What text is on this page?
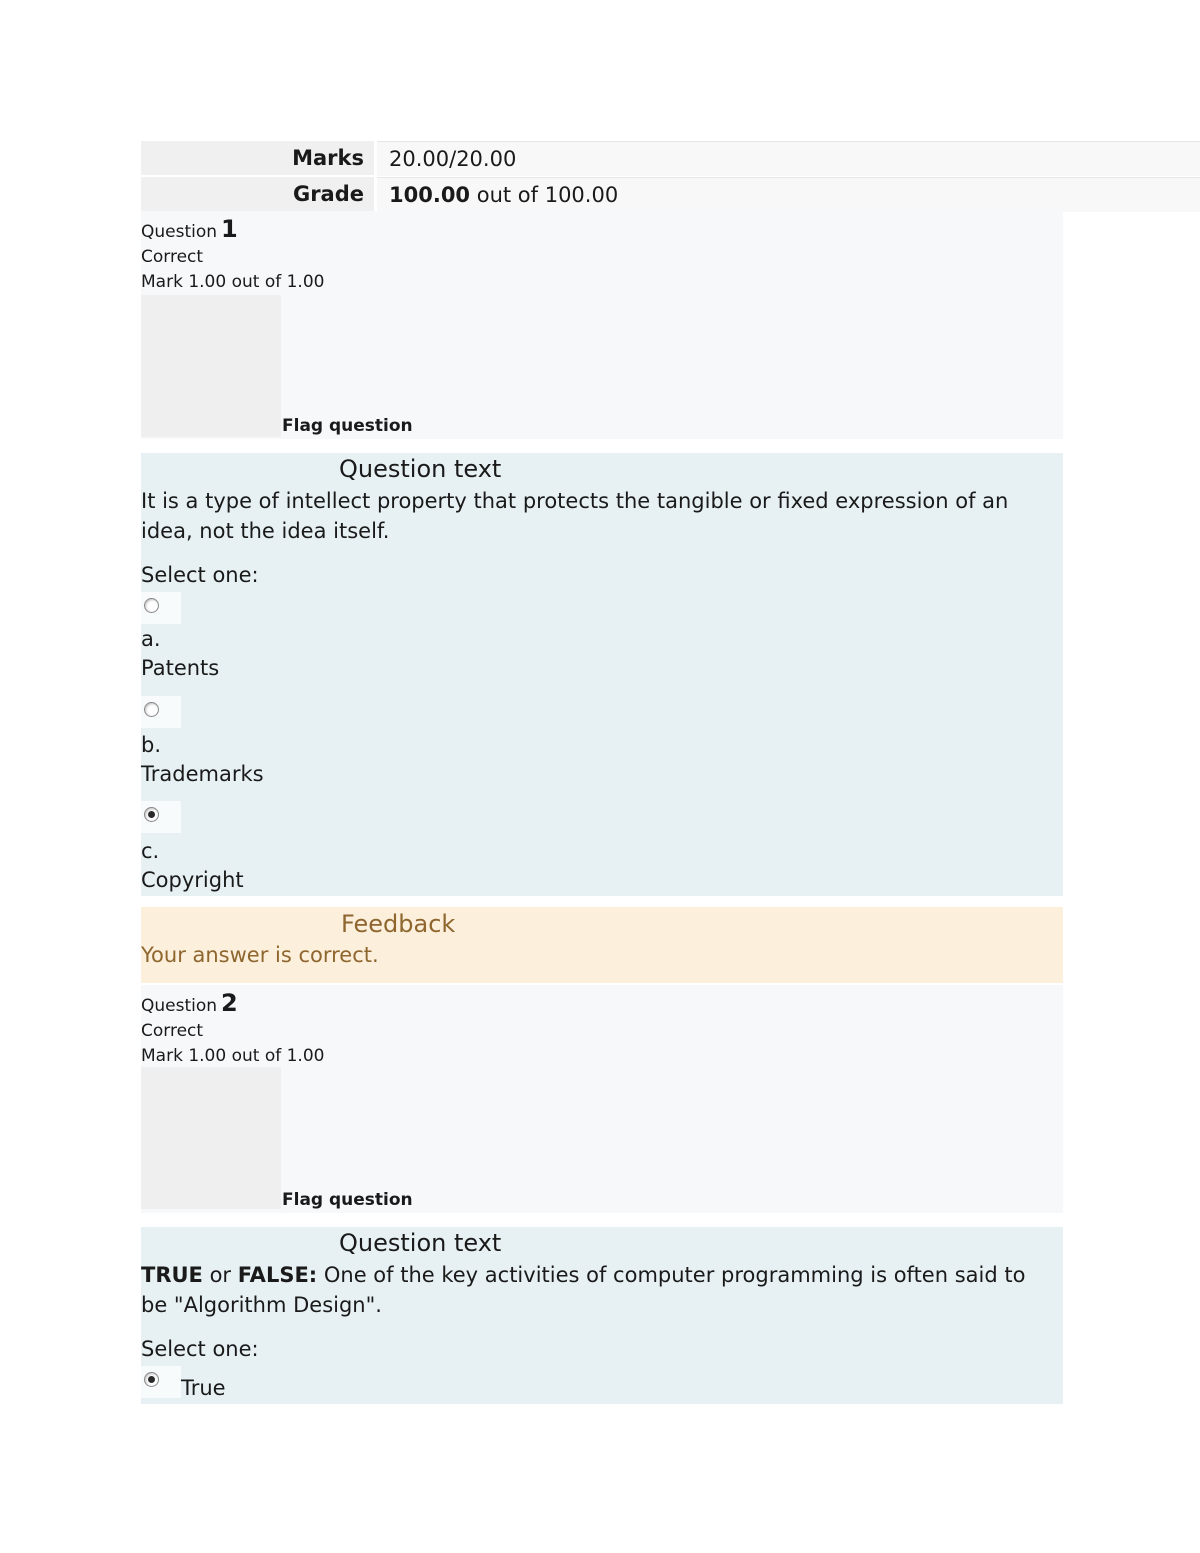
Marks	20.00/20.00
Grade	100.00 out of 100.00
Question 1
Correct
Mark 1.00 out of 1.00
Flag question
Question text
It is a type of intellect property that protects the tangible or fixed expression of an idea, not the idea itself.
Select one:
a.
Patents
b.
Trademarks
c.
Copyright
Feedback
Your answer is correct.
Question 2
Correct
Mark 1.00 out of 1.00
Flag question
Question text
TRUE or FALSE: One of the key activities of computer programming is often said to be "Algorithm Design".
Select one:
True
